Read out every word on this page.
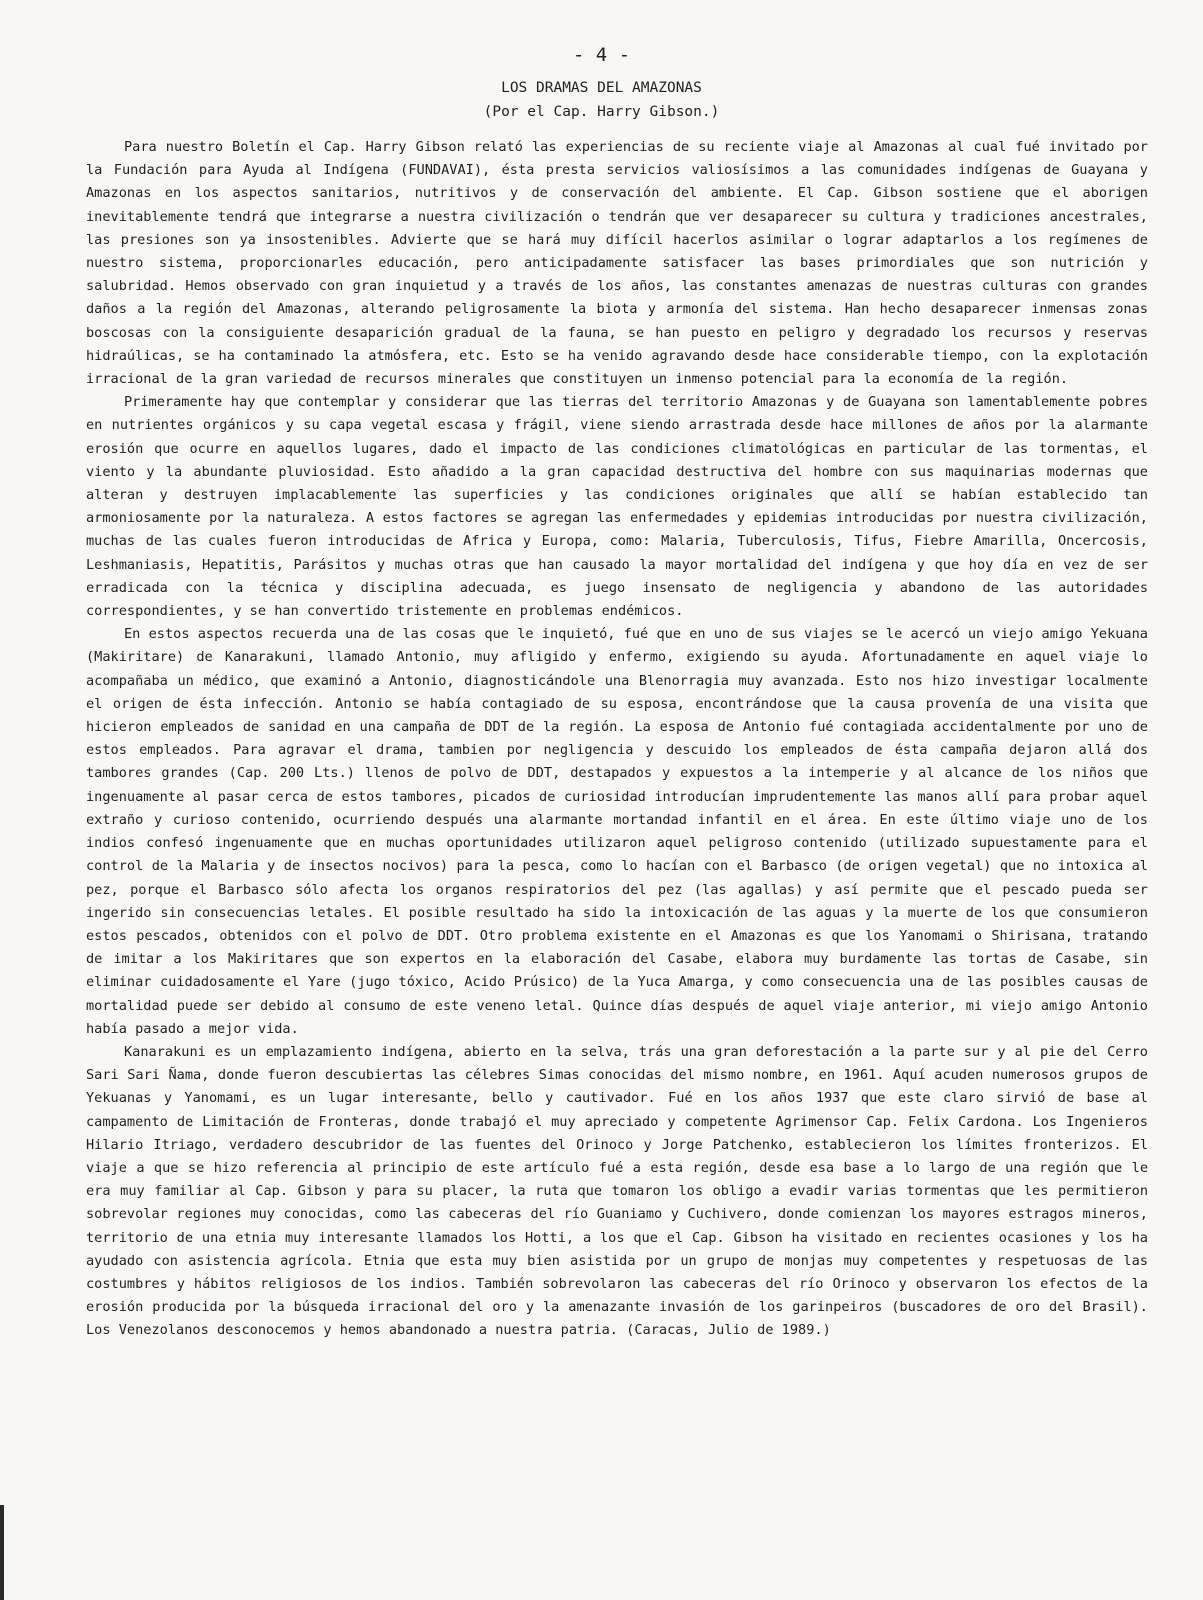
- 4 -
LOS DRAMAS DEL AMAZONAS
(Por el Cap. Harry Gibson.)

Para nuestro Boletín el Cap. Harry Gibson relató las experiencias de su reciente viaje al Amazonas al cual fué invitado por la Fundación para Ayuda al Indígena (FUNDAVAI), ésta presta servicios valiosísimos a las comunidades indígenas de Guayana y Amazonas en los aspectos sanitarios, nutritivos y de conservación del ambiente. El Cap. Gibson sostiene que el aborigen inevitablemente tendrá que integrarse a nuestra civilización o tendrán que ver desaparecer su cultura y tradiciones ancestrales, las presiones son ya insostenibles. Advierte que se hará muy difícil hacerlos asimilar o lograr adaptarlos a los regímenes de nuestro sistema, proporcionarles educación, pero anticipadamente satisfacer las bases primordiales que son nutrición y salubridad. Hemos observado con gran inquietud y a través de los años, las constantes amenazas de nuestras culturas con grandes daños a la región del Amazonas, alterando peligrosamente la biota y armonía del sistema. Han hecho desaparecer inmensas zonas boscosas con la consiguiente desaparición gradual de la fauna, se han puesto en peligro y degradado los recursos y reservas hidraúlicas, se ha contaminado la atmósfera, etc. Esto se ha venido agravando desde hace considerable tiempo, con la explotación irracional de la gran variedad de recursos minerales que constituyen un inmenso potencial para la economía de la región.

Primeramente hay que contemplar y considerar que las tierras del territorio Amazonas y de Guayana son lamentablemente pobres en nutrientes orgánicos y su capa vegetal escasa y frágil, viene siendo arrastrada desde hace millones de años por la alarmante erosión que ocurre en aquellos lugares, dado el impacto de las condiciones climatológicas en particular de las tormentas, el viento y la abundante pluviosidad. Esto añadido a la gran capacidad destructiva del hombre con sus maquinarias modernas que alteran y destruyen implacablemente las superficies y las condiciones originales que allí se habían establecido tan armoniosamente por la naturaleza. A estos factores se agregan las enfermedades y epidemias introducidas por nuestra civilización, muchas de las cuales fueron introducidas de Africa y Europa, como: Malaria, Tuberculosis, Tifus, Fiebre Amarilla, Oncercosis, Leshmaniasis, Hepatitis, Parásitos y muchas otras que han causado la mayor mortalidad del indígena y que hoy día en vez de ser erradicada con la técnica y disciplina adecuada, es juego insensato de negligencia y abandono de las autoridades correspondientes, y se han convertido tristemente en problemas endémicos.

En estos aspectos recuerda una de las cosas que le inquietó, fué que en uno de sus viajes se le acercó un viejo amigo Yekuana (Makiritare) de Kanarakuni, llamado Antonio, muy afligido y enfermo, exigiendo su ayuda. Afortunadamente en aquel viaje lo acompañaba un médico, que examinó a Antonio, diagnosticándole una Blenorragia muy avanzada. Esto nos hizo investigar localmente el origen de ésta infección. Antonio se había contagiado de su esposa, encontrándose que la causa provenía de una visita que hicieron empleados de sanidad en una campaña de DDT de la región. La esposa de Antonio fué contagiada accidentalmente por uno de estos empleados. Para agravar el drama, tambien por negligencia y descuido los empleados de ésta campaña dejaron allá dos tambores grandes (Cap. 200 Lts.) llenos de polvo de DDT, destapados y expuestos a la intemperie y al alcance de los niños que ingenuamente al pasar cerca de estos tambores, picados de curiosidad introducían imprudentemente las manos allí para probar aquel extraño y curioso contenido, ocurriendo después una alarmante mortandad infantil en el área. En este último viaje uno de los indios confesó ingenuamente que en muchas oportunidades utilizaron aquel peligroso contenido (utilizado supuestamente para el control de la Malaria y de insectos nocivos) para la pesca, como lo hacían con el Barbasco (de origen vegetal) que no intoxica al pez, porque el Barbasco sólo afecta los organos respiratorios del pez (las agallas) y así permite que el pescado pueda ser ingerido sin consecuencias letales. El posible resultado ha sido la intoxicación de las aguas y la muerte de los que consumieron estos pescados, obtenidos con el polvo de DDT. Otro problema existente en el Amazonas es que los Yanomami o Shirisana, tratando de imitar a los Makiritares que son expertos en la elaboración del Casabe, elabora muy burdamente las tortas de Casabe, sin eliminar cuidadosamente el Yare (jugo tóxico, Acido Prúsico) de la Yuca Amarga, y como consecuencia una de las posibles causas de mortalidad puede ser debido al consumo de este veneno letal. Quince días después de aquel viaje anterior, mi viejo amigo Antonio había pasado a mejor vida.

Kanarakuni es un emplazamiento indígena, abierto en la selva, trás una gran deforestación a la parte sur y al pie del Cerro Sari Sari Ñama, donde fueron descubiertas las célebres Simas conocidas del mismo nombre, en 1961. Aquí acuden numerosos grupos de Yekuanas y Yanomami, es un lugar interesante, bello y cautivador. Fué en los años 1937 que este claro sirvió de base al campamento de Limitación de Fronteras, donde trabajó el muy apreciado y competente Agrimensor Cap. Felix Cardona. Los Ingenieros Hilario Itriago, verdadero descubridor de las fuentes del Orinoco y Jorge Patchenko, establecieron los límites fronterizos. El viaje a que se hizo referencia al principio de este artículo fué a esta región, desde esa base a lo largo de una región que le era muy familiar al Cap. Gibson y para su placer, la ruta que tomaron los obligo a evadir varias tormentas que les permitieron sobrevolar regiones muy conocidas, como las cabeceras del río Guaniamo y Cuchivero, donde comienzan los mayores estragos mineros, territorio de una etnia muy interesante llamados los Hotti, a los que el Cap. Gibson ha visitado en recientes ocasiones y los ha ayudado con asistencia agrícola. Etnia que esta muy bien asistida por un grupo de monjas muy competentes y respetuosas de las costumbres y hábitos religiosos de los indios. También sobrevolaron las cabeceras del río Orinoco y observaron los efectos de la erosión producida por la búsqueda irracional del oro y la amenazante invasión de los garinpeiros (buscadores de oro del Brasil). Los Venezolanos desconocemos y hemos abandonado a nuestra patria. (Caracas, Julio de 1989.)
